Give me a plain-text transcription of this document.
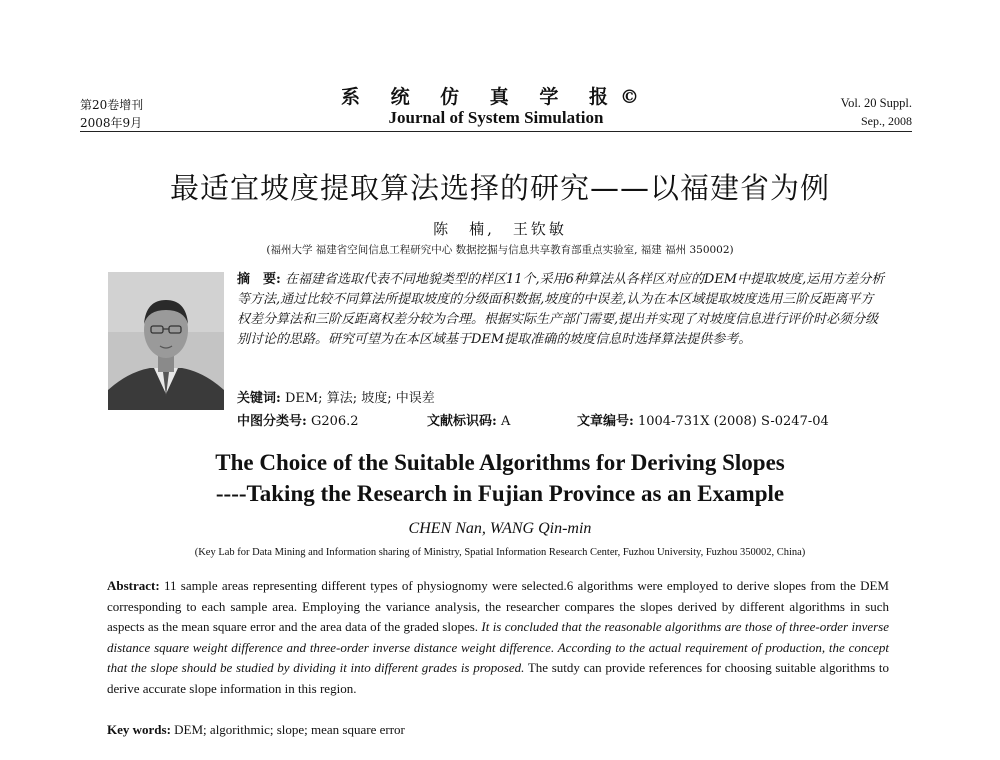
第20卷增刊
2008年9月
系 统 仿 真 学 报©
Journal of System Simulation
Vol. 20 Suppl.
Sep., 2008
最适宜坡度提取算法选择的研究——以福建省为例
陈　楠,　王钦敏
(福州大学 福建省空间信息工程研究中心 数据挖掘与信息共享教育部重点实验室, 福建 福州 350002)
摘　要: 在福建省选取代表不同地貌类型的样区11个,采用6种算法从各样区对应的DEM中提取坡度,运用方差分析等方法,通过比较不同算法所提取坡度的分级面积数据,坡度的中误差,认为在本区域提取坡度选用三阶反距离平方权差分算法和三阶反距离权差分较为合理。根据实际生产部门需要,提出并实现了对坡度信息进行评价时必须分级别讨论的思路。研究可望为在本区域基于DEM提取准确的坡度信息时选择算法提供参考。
关键词: DEM; 算法; 坡度; 中误差
中图分类号: G206.2	文献标识码: A	文章编号: 1004-731X (2008) S-0247-04
The Choice of the Suitable Algorithms for Deriving Slopes
----Taking the Research in Fujian Province as an Example
CHEN Nan, WANG Qin-min
(Key Lab for Data Mining and Information sharing of Ministry, Spatial Information Research Center, Fuzhou University, Fuzhou 350002, China)
Abstract: 11 sample areas representing different types of physiognomy were selected.6 algorithms were employed to derive slopes from the DEM corresponding to each sample area. Employing the variance analysis, the researcher compares the slopes derived by different algorithms in such aspects as the mean square error and the area data of the graded slopes. It is concluded that the reasonable algorithms are those of three-order inverse distance square weight difference and three-order inverse distance weight difference. According to the actual requirement of production, the concept that the slope should be studied by dividing it into different grades is proposed. The sutdy can provide references for choosing suitable algorithms to derive accurate slope information in this region.
Key words: DEM; algorithmic; slope; mean square error
